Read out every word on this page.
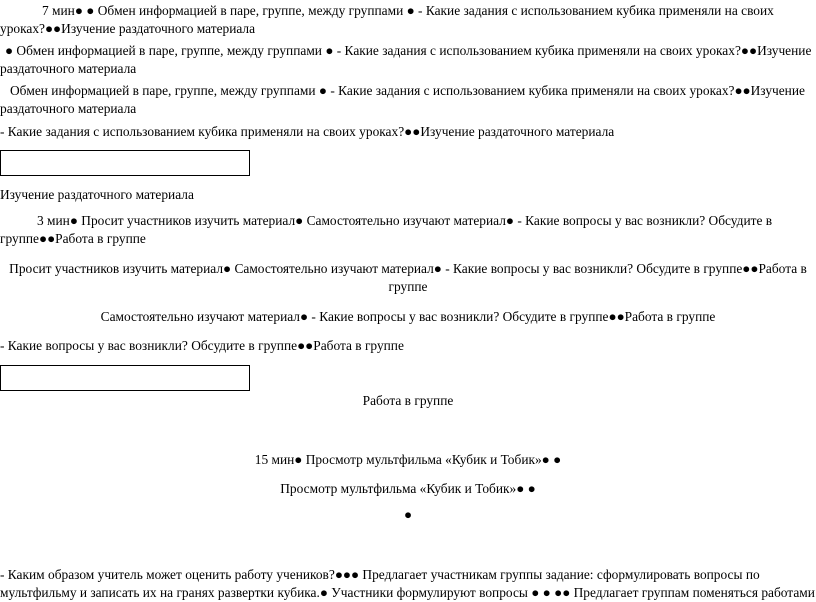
7 мин● ● Обмен информацией в паре, группе, между группами ● - Какие задания с использованием кубика применяли на своих уроках?●●Изучение раздаточного материала

● Обмен информацией в паре, группе, между группами ● - Какие задания с использованием кубика применяли на своих уроках?●●Изучение раздаточного материала

Обмен информацией в паре, группе, между группами ● - Какие задания с использованием кубика применяли на своих уроках?●●Изучение раздаточного материала

- Какие задания с использованием кубика применяли на своих уроках?●●Изучение раздаточного материала

Изучение раздаточного материала

3 мин● Просит участников изучить материал● Самостоятельно изучают материал● - Какие вопросы у вас возникли? Обсудите в группе●●Работа в группе

Просит участников изучить материал● Самостоятельно изучают материал● - Какие вопросы у вас возникли? Обсудите в группе●●Работа в группе

Самостоятельно изучают материал● - Какие вопросы у вас возникли? Обсудите в группе●●Работа в группе

- Какие вопросы у вас возникли? Обсудите в группе●●Работа в группе

Работа в группе

15 мин● Просмотр мультфильма «Кубик и Тобик»● ●

Просмотр мультфильма «Кубик и Тобик»● ●

●

- Каким образом учитель может оценить работу учеников?●●● Предлагает участникам группы задание: сформулировать вопросы по мультфильму и записать их на гранях развертки кубика.● Участники формулируют вопросы ● ● ●● Предлагает группам поменяться работами
